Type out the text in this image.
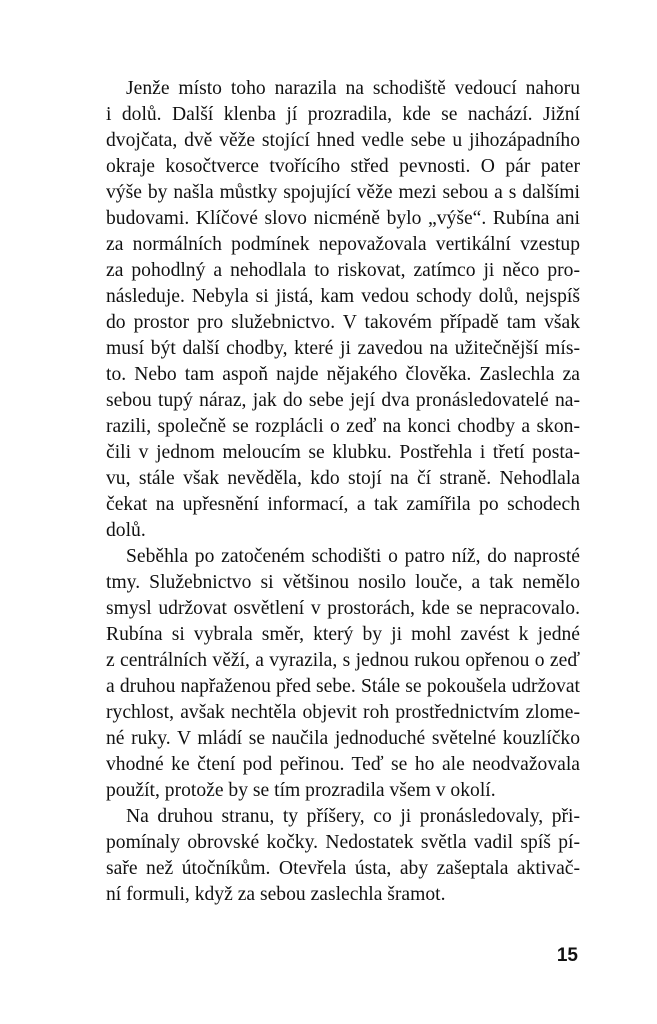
Jenže místo toho narazila na schodiště vedoucí nahoru
i dolů. Další klenba jí prozradila, kde se nachází. Jižní
dvojčata, dvě věže stojící hned vedle sebe u jihozápadního
okraje kosočtverce tvořícího střed pevnosti. O pár pater
výše by našla můstky spojující věže mezi sebou a s dalšími
budovami. Klíčové slovo nicméně bylo „výše“. Rubína ani
za normálních podmínek nepovažovala vertikální vzestup
za pohodlný a nehodlala to riskovat, zatímco ji něco pro-
následuje. Nebyla si jistá, kam vedou schody dolů, nejspíš
do prostor pro služebnictvo. V takovém případě tam však
musí být další chodby, které ji zavedou na užitečnější mís-
to. Nebo tam aspoň najde nějakého člověka. Zaslechla za
sebou tupý náraz, jak do sebe její dva pronásledovatelé na-
razili, společně se rozplácli o zeď na konci chodby a skon-
čili v jednom meloucím se klubku. Postřehla i třetí posta-
vu, stále však nevěděla, kdo stojí na čí straně. Nehodlala
čekat na upřesnění informací, a tak zamířila po schodech
dolů.
Seběhla po zatočeném schodišti o patro níž, do naprosté
tmy. Služebnictvo si většinou nosilo louče, a tak nemělo
smysl udržovat osvětlení v prostorách, kde se nepracovalo.
Rubína si vybrala směr, který by ji mohl zavést k jedné
z centrálních věží, a vyrazila, s jednou rukou opřenou o zeď
a druhou napřaženou před sebe. Stále se pokoušela udržovat
rychlost, avšak nechtěla objevit roh prostřednictvím zlome-
né ruky. V mládí se naučila jednoduché světelné kouzlíčko
vhodné ke čtení pod peřinou. Teď se ho ale neodvažovala
použít, protože by se tím prozradila všem v okolí.
Na druhou stranu, ty příšery, co ji pronásledovaly, při-
pomínaly obrovské kočky. Nedostatek světla vadil spíš pí-
saře než útočníkům. Otevřela ústa, aby zašeptala aktivač-
ní formuli, když za sebou zaslechla šramot.
15
